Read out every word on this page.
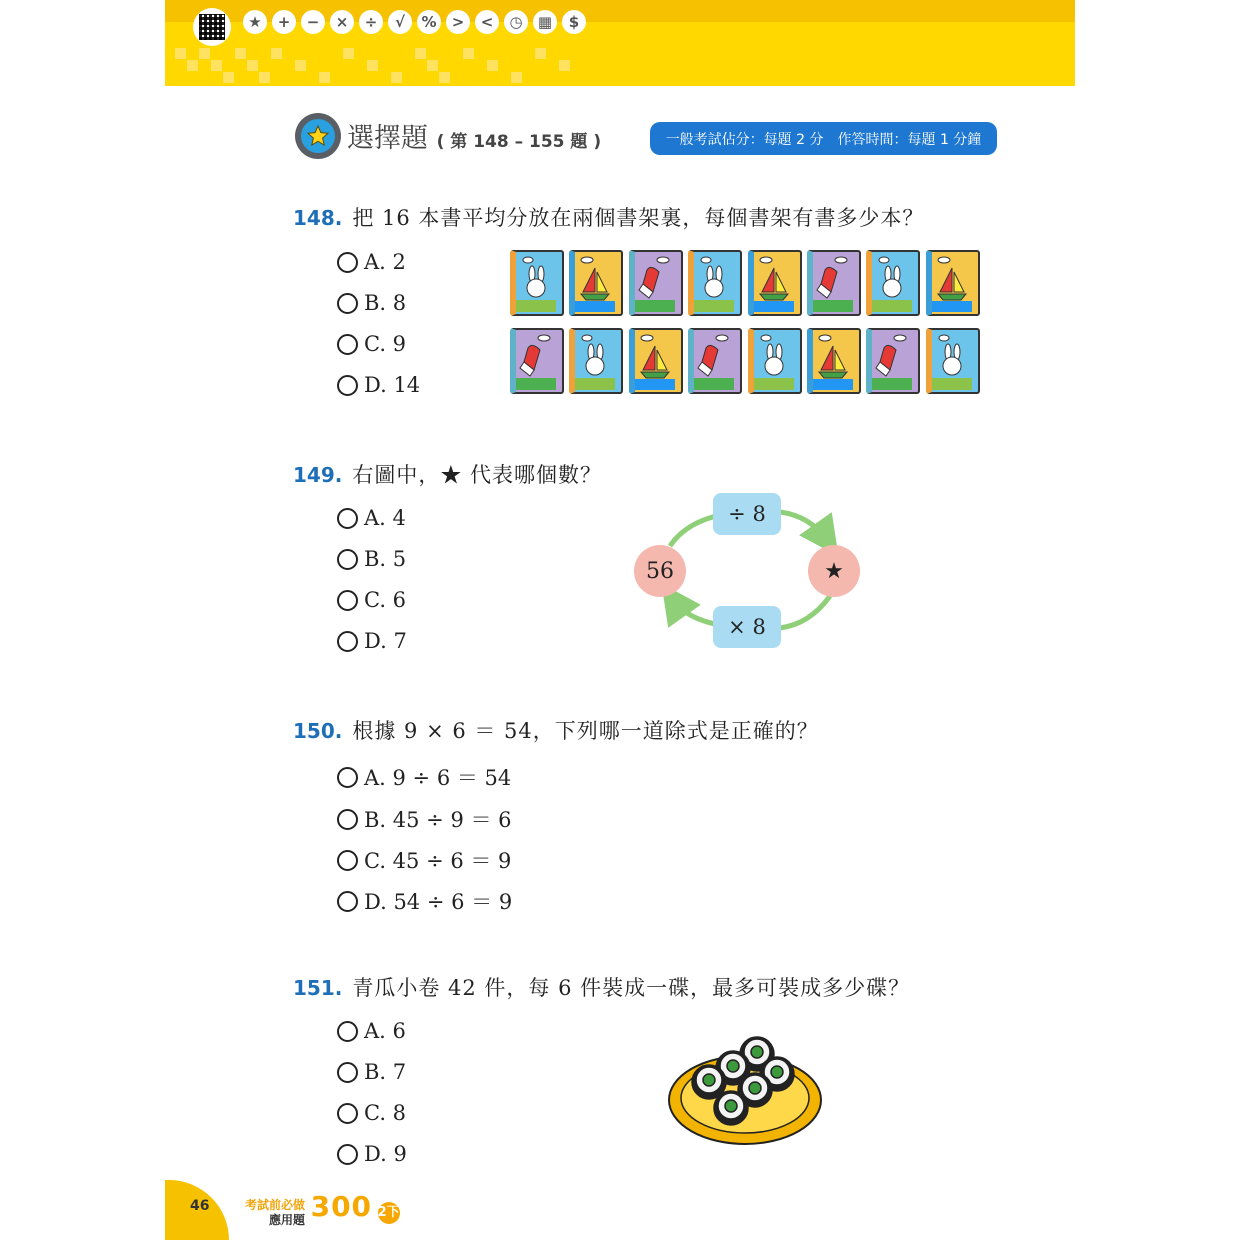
★	+	−	×	÷	√	%	>	<	◷	▦	$
選擇題 ( 第 148 – 155 題 )	一般考試佔分：每題 2 分 作答時間：每題 1 分鐘
148. 把 16 本書平均分放在兩個書架裏，每個書架有書多少本？
A. 2
B. 8
C. 9
D. 14
149. 右圖中，★ 代表哪個數？
A. 4
B. 5
C. 6
D. 7
56	★
÷ 8
× 8
150. 根據 9 × 6 ＝ 54，下列哪一道除式是正確的？
A. 9 ÷ 6 ＝ 54
B. 45 ÷ 9 ＝ 6
C. 45 ÷ 6 ＝ 9
D. 54 ÷ 6 ＝ 9
151. 青瓜小卷 42 件，每 6 件裝成一碟，最多可裝成多少碟？
A. 6
B. 7
C. 8
D. 9
46	考試前必做
應用題 300 2下
